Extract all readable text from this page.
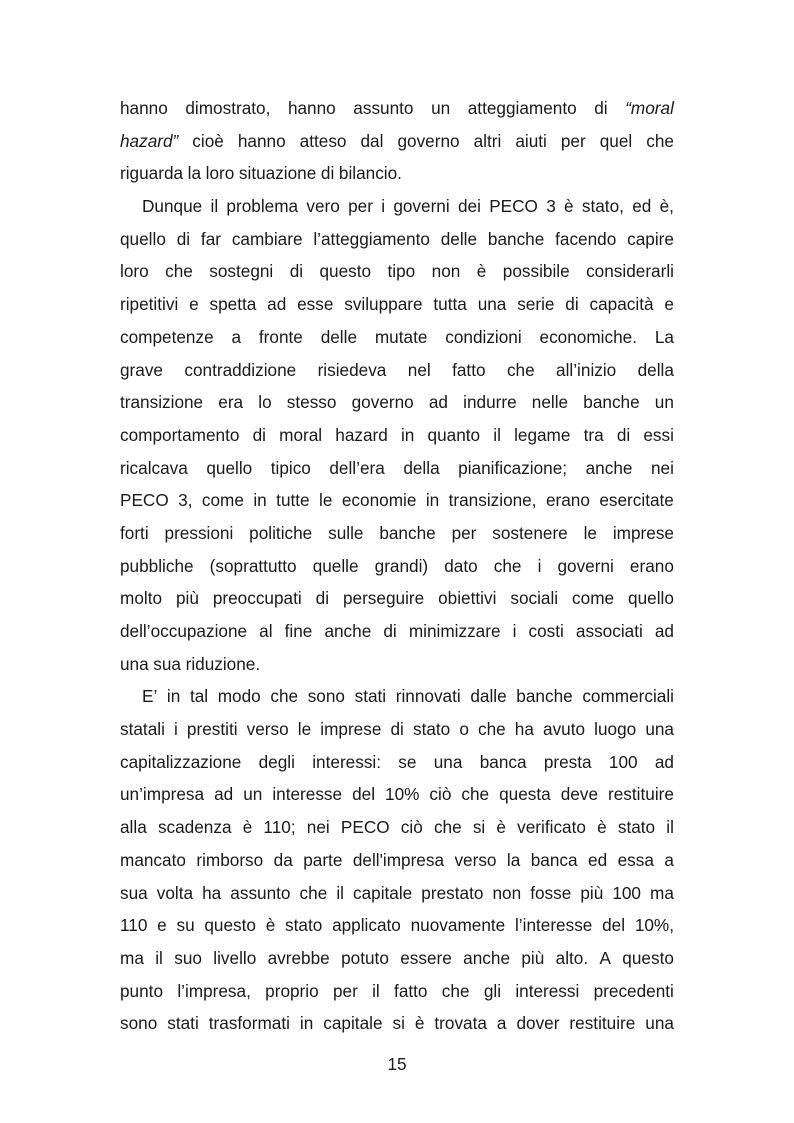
hanno dimostrato, hanno assunto un atteggiamento di “moral
hazard” cioè hanno atteso dal governo altri aiuti per quel che
riguarda la loro situazione di bilancio.
Dunque il problema vero per i governi dei PECO 3 è stato, ed è,
quello di far cambiare l’atteggiamento delle banche facendo capire
loro che sostegni di questo tipo non è possibile considerarli
ripetitivi e spetta ad esse sviluppare tutta una serie di capacità e
competenze a fronte delle mutate condizioni economiche. La
grave contraddizione risiedeva nel fatto che all’inizio della
transizione era lo stesso governo ad indurre nelle banche un
comportamento di moral hazard in quanto il legame tra di essi
ricalcava quello tipico dell’era della pianificazione; anche nei
PECO 3, come in tutte le economie in transizione, erano esercitate
forti pressioni politiche sulle banche per sostenere le imprese
pubbliche (soprattutto quelle grandi) dato che i governi erano
molto più preoccupati di perseguire obiettivi sociali come quello
dell’occupazione al fine anche di minimizzare i costi associati ad
una sua riduzione.
E’ in tal modo che sono stati rinnovati dalle banche commerciali
statali i prestiti verso le imprese di stato o che ha avuto luogo una
capitalizzazione degli interessi: se una banca presta 100 ad
un’impresa ad un interesse del 10% ciò che questa deve restituire
alla scadenza è 110; nei PECO ciò che si è verificato è stato il
mancato rimborso da parte dell'impresa verso la banca ed essa a
sua volta ha assunto che il capitale prestato non fosse più 100 ma
110 e su questo è stato applicato nuovamente l’interesse del 10%,
ma il suo livello avrebbe potuto essere anche più alto. A questo
punto l’impresa, proprio per il fatto che gli interessi precedenti
sono stati trasformati in capitale si è trovata a dover restituire una
15
